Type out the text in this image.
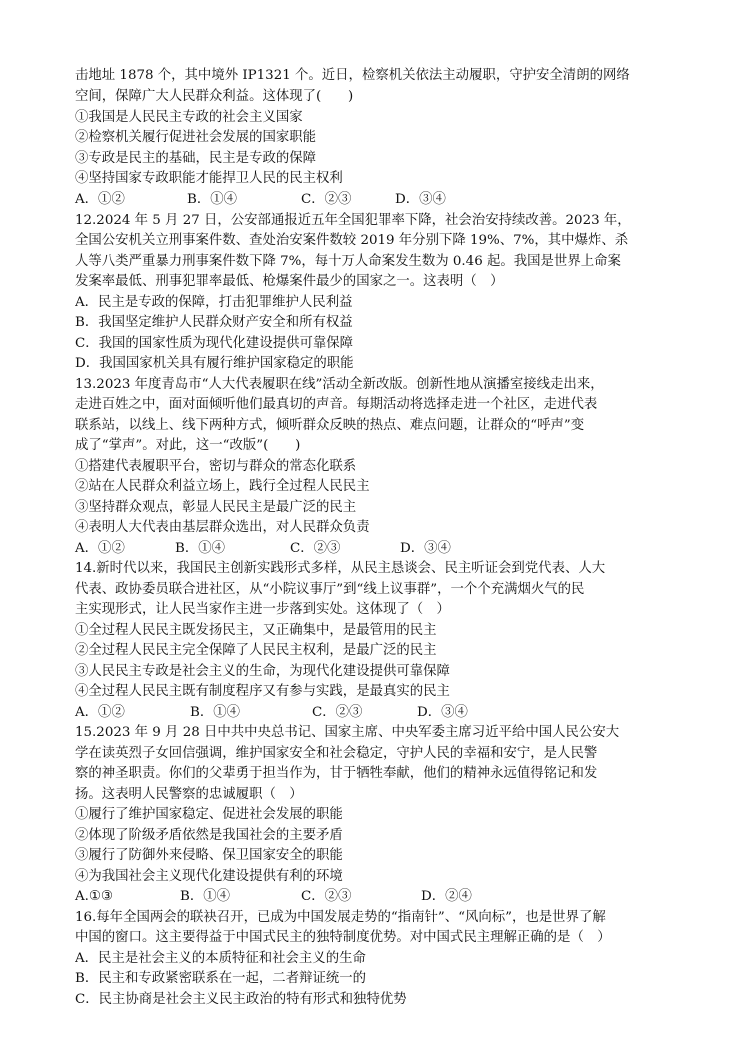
击地址 1878 个，其中境外 IP1321 个。近日，检察机关依法主动履职，守护安全清朗的网络
空间，保障广大人民群众利益。这体现了(　　)
①我国是人民民主专政的社会主义国家
②检察机关履行促进社会发展的国家职能
③专政是民主的基础，民主是专政的保障
④坚持国家专政职能才能捍卫人民的民主权利
A．①②	B．①④	C．②③	D．③④
12.2024 年 5 月 27 日，公安部通报近五年全国犯罪率下降，社会治安持续改善。2023 年，
全国公安机关立刑事案件数、查处治安案件数较 2019 年分别下降 19%、7%，其中爆炸、杀
人等八类严重暴力刑事案件数下降 7%，每十万人命案发生数为 0.46 起。我国是世界上命案
发案率最低、刑事犯罪率最低、枪爆案件最少的国家之一。这表明（　）
A．民主是专政的保障，打击犯罪维护人民利益
B．我国坚定维护人民群众财产安全和所有权益
C．我国的国家性质为现代化建设提供可靠保障
D．我国国家机关具有履行维护国家稳定的职能
13.2023 年度青岛市“人大代表履职在线”活动全新改版。创新性地从演播室接线走出来，
走进百姓之中，面对面倾听他们最真切的声音。每期活动将选择走进一个社区，走进代表
联系站，以线上、线下两种方式，倾听群众反映的热点、难点问题，让群众的“呼声”变
成了“掌声”。对此，这一“改版”(　　)
①搭建代表履职平台，密切与群众的常态化联系
②站在人民群众利益立场上，践行全过程人民民主
③坚持群众观点，彰显人民民主是最广泛的民主
④表明人大代表由基层群众选出，对人民群众负责
A．①②	B．①④	C．②③	D．③④
14.新时代以来，我国民主创新实践形式多样，从民主恳谈会、民主听证会到党代表、人大
代表、政协委员联合进社区，从“小院议事厅”到“线上议事群”，一个个充满烟火气的民
主实现形式，让人民当家作主进一步落到实处。这体现了（　）
①全过程人民民主既发扬民主，又正确集中，是最管用的民主
②全过程人民民主完全保障了人民民主权利，是最广泛的民主
③人民民主专政是社会主义的生命，为现代化建设提供可靠保障
④全过程人民民主既有制度程序又有参与实践，是最真实的民主
A．①②	B．①④	C．②③	D．③④
15.2023 年 9 月 28 日中共中央总书记、国家主席、中央军委主席习近平给中国人民公安大
学在读英烈子女回信强调，维护国家安全和社会稳定，守护人民的幸福和安宁，是人民警
察的神圣职责。你们的父辈勇于担当作为，甘于牺牲奉献，他们的精神永远值得铭记和发
扬。这表明人民警察的忠诚履职（　）
①履行了维护国家稳定、促进社会发展的职能
②体现了阶级矛盾依然是我国社会的主要矛盾
③履行了防御外来侵略、保卫国家安全的职能
④为我国社会主义现代化建设提供有利的环境
A.①③	B．①④	C．②③	D．②④
16.每年全国两会的联袂召开，已成为中国发展走势的“指南针”、“风向标”，也是世界了解
中国的窗口。这主要得益于中国式民主的独特制度优势。对中国式民主理解正确的是（　）
A．民主是社会主义的本质特征和社会主义的生命
B．民主和专政紧密联系在一起，二者辩证统一的
C．民主协商是社会主义民主政治的特有形式和独特优势
